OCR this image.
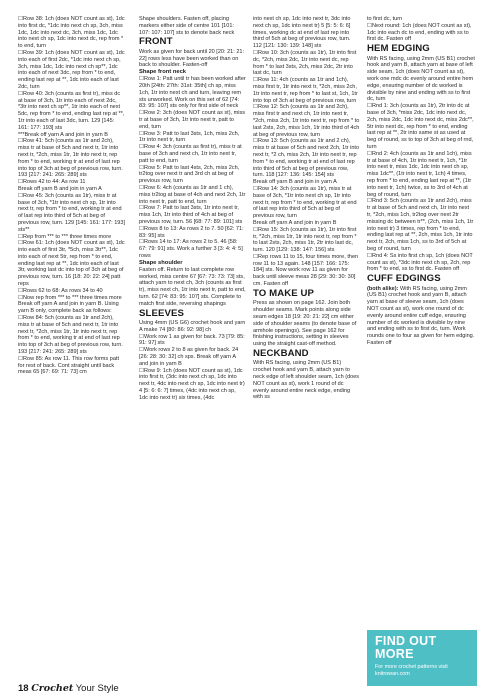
☐ Row 38: 1ch (does NOT count as st), 1dc into first dc, *1dc into next ch sp, 3ch, miss 1dc, 1dc into next dc, 3ch, miss 1dc, 1dc into next ch sp, 1dc into next dc, rep from * to end, turn

☐ Row 39: 1ch (does NOT count as st), 1dc into each of first 2dc, *1dc into next ch sp, 3ch, miss 1dc, 1dc into next ch sp**, 1dc into each of next 3dc, rep from * to end, ending last rep at **, 1dc into each of last 2dc, turn

☐ Row 40: 3ch (counts as first tr), miss dc at base of 3ch, 1tr into each of next 2dc, *3tr into next ch sp**, 1tr into each of next 5dc, rep from * to end, ending last rep at **, 1tr into each of last 3dc, turn. 129 [145: 161: 177: 193] sts

***Break off yarn A and join in yarn B

☐ Row 41: 5ch (counts as 1tr and 2ch), miss tr at base of 5ch and next tr, 1tr into next tr, *2ch, miss 1tr, 1tr into next tr, rep from * to end, working tr at end of last rep into top of 3ch at beg of previous row, turn. 193 [217: 241: 265: 289] sts

☐ Rows 42 to 44: As row 11

Break off yarn B and join in yarn A

☐ Row 45: 3ch (counts as 1tr), miss tr at base of 3ch, *1tr into next ch sp, 1tr into next tr, rep from * to end, working tr at end of last rep into third of 5ch at beg of previous row, turn. 129 [145: 161: 177: 193] sts**

☐ Rep from *** to *** three times more

☐ Row 61: 1ch (does NOT count as st), 1dc into each of first 3tr, *5ch, miss 3tr**, 1dc into each of next 5tr, rep from * to end, ending last rep at **, 1dc into each of last 3tr, working last dc into top of 3ch at beg of previous row, turn. 16 [18: 20: 22: 24] patt reps

☐ Rows 62 to 68: As rows 34 to 40

☐ Now rep from *** to *** three times more

Break off yarn A and join in yarn B. Using yarn B only, complete back as follows:

☐ Row 84: 5ch (counts as 1tr and 2ch), miss tr at base of 5ch and next tr, 1tr into next tr, *2ch, miss 1tr, 1tr into next tr, rep from * to end, working tr at end of last rep into top of 3ch at beg of previous row, turn. 193 [217: 241: 265: 289] sts

☐ Row 85: As row 11. This row forms patt for rest of back. Cont straight until back meas 65 [67: 69: 71: 73] cm

Shape shoulders. Fasten off, placing markers either side of centre 101 [101: 107: 107: 107] sts to denote back neck

FRONT

Work as given for back until 20 [20: 21: 21: 22] rows less have been worked than on back to shoulder. Fasten-off

Shape front neck

☐ Row 1: Patt until tr has been worked after 20th [24th: 27th: 31st: 35th] ch sp, miss 1ch, 1tr into next ch and turn, leaving rem sts unworked. Work on this set of 62 [74: 83: 95: 107] sts only for first side of neck

☐ Row 2: 3ch (does NOT count as st), miss tr at base of 3ch, 1tr into next tr, patt to end, turn

☐ Row 3: Patt to last 3sts, 1ch, miss 2ch, 1tr into next tr, turn

☐ Row 4: 3ch (counts as first tr), miss tr at base of 3ch and next ch, 1tr into next tr, patt to end, turn

☐ Row 5: Patt to last 4sts, 2ch, miss 2ch, tr2tog over next tr and 3rd ch at beg of previous row, turn

☐ Row 6: 4ch (counts as 1tr and 1 ch), miss tr2tog at base of 4ch and next 2ch, 1tr into next tr, patt to end, turn

☐ Row 7: Patt to last 3sts, 1tr into next tr, miss 1ch, 1tr into third of 4ch at beg of previous row, turn. 56 [68: 77: 89: 101] sts

☐ Rows 8 to 13: As rows 2 to 7. 50 [62: 71: 83: 95] sts

☐ Rows 14 to 17: As rows 2 to 5. 46 [58: 67: 79: 91] sts. Work a further 3 [3: 4: 4: 5] rows

Shape shoulder

Fasten off. Return to last complete row worked, miss centre 67 [67: 73: 73: 73] sts, attach yarn to next ch, 3ch (counts as first tr), miss next ch, 1tr into next tr, patt to end, turn. 62 [74: 83: 95: 107] sts. Complete to match first side, reversing shapings

SLEEVES

Using 4mm (US G6) crochet hook and yarn A make 74 [80: 86: 92: 98] ch

☐ Work row 1 as given for back. 73 [79: 85: 91: 97] sts

☐ Work rows 2 to 8 as given for back. 24 [26: 28: 30: 32] ch sps. Break off yarn A and join in yarn B

☐ Row 9: 1ch (does NOT count as st), 1dc into first tr, (3dc into next ch sp, 1dc into next tr, 4dc into next ch sp, 1dc into next tr) 4 [5: 6: 6: 7] times, (4dc into next ch sp, 1dc into next tr) six times, (4dc

into next ch sp, 1dc into next tr, 3dc into next ch sp, 1dc into next tr) 5 [5: 5: 6: 6] times, working dc at end of last rep into third of 5ch at beg of previous row, turn. 112 [121: 130: 139: 148] sts

☐ Row 10: 3ch (counts as 1tr), 1tr into first dc, *2ch, miss 2dc, 1tr into next dc, rep from * to last 3sts, 2ch, miss 2dc, 2tr into last dc, turn

☐ Row 11: 4ch (counts as 1tr and 1ch), miss first tr, 1tr into next tr, *2ch, miss 2ch, 1tr into next tr, rep from * to last st, 1ch, 1tr into top of 3ch at beg of previous row, turn

☐ Row 12: 5ch (counts as 1tr and 2ch), miss first tr and next ch, 1tr into next tr, *2ch, miss 2ch, 1tr into next tr, rep from * to last 2sts, 2ch, miss 1ch, 1tr into third of 4ch at beg of previous row, turn

☐ Row 13: 5ch (counts as 1tr and 2 ch), miss tr at base of 5ch and next 2ch, 1tr into next tr, *2 ch, miss 2ch, 1tr into next tr, rep from * to end, working tr at end of last rep into third of 5ch at beg of previous row, turn. 118 [127: 136: 145: 154] sts

Break off yarn B and join in yarn A

☐ Row 14: 3ch (counts as 1tr), miss tr at base of 3ch, *1tr into next ch sp, 1tr into next tr, rep from * to end, working tr at end of last rep into third of 5ch at beg of previous row, turn

Break off yarn A and join in yarn B

☐ Row 15: 3ch (counts as 1tr), 1tr into first tr, *2ch, miss 1tr, 1tr into next tr, rep from * to last 2sts, 2ch, miss 1tr, 2tr into last dc, turn. 120 [129: 138: 147: 156] sts

☐ Rep rows 11 to 15, four times more, then row 11 to 13 again. 148 [157: 166: 175: 184] sts. Now work row 11 as given for back until sleeve meas 28 [29: 30: 30: 30] cm. Fasten off

TO MAKE UP

Press as shown on page 162. Join both shoulder seams. Mark points along side seam edges 18 [19: 20: 21: 22] cm either side of shoulder seams (to denote base of armhole openings). See page 162 for finishing instructions, setting in sleeves using the straight cast-off method.

NECKBAND

With RS facing, using 2mm (US B1) crochet hook and yarn B, attach yarn to neck edge of left shoulder seam, 1ch (does NOT count as st), work 1 round of dc evenly around entire neck edge, ending with ss

to first dc, turn

☐ Next round: 1ch (does NOT count as st), 1dc into each dc to end, ending with ss to first dc. Fasten off

HEM EDGING

With RS facing, using 2mm (US B1) crochet hook and yarn B, attach yarn at base of left side seam, 1ch (does NOT count as st), work one mdc dc evenly around entire hem edge, ensuring number of dc worked is divisible by nine and ending with ss to first dc, turn

☐ Rnd 1: 3ch (counts as 1tr), 2tr into dc at base of 3ch, *miss 2dc, 1dc into next dc, 2ch, miss 2dc, 1dc into next dc, miss 2dc**, 5tr into next dc, rep from * to end, ending last rep at **, 2tr into same st as used at beg of round, ss to top of 3ch at beg of rnd, turn

☐ Rnd 2: 4ch (counts as 1tr and 1ch), miss tr at base of 4ch, 1tr into next tr, 1ch, *1tr into next tr, miss 1dc, 1dc into next ch sp, miss 1dc**, (1tr into next tr, 1ch) 4 times, rep from * to end, ending last rep at **, (1tr into next tr, 1ch) twice, ss to 3rd of 4ch at beg of round, turn

☐ Rnd 3: 5ch (counts as 1tr and 2ch), miss tr at base of 5ch and next ch, 1tr into next tr, *2ch, miss 1ch, tr2tog over next 2tr missing dc between tr**, (2ch, miss 1ch, 1tr into next tr) 3 times, rep from * to end, ending last rep at **, 2ch, miss 1ch, 1tr into next tr, 2ch, miss 1ch, ss to 3rd of 5ch at beg of round, turn

☐ Rnd 4: Ss into first ch sp, 1ch (does NOT count as st), *3dc into next ch sp, 2ch, rep from * to end, ss to first dc. Fasten off

CUFF EDGINGS

(both alike): With RS facing, using 2mm (US B1) crochet hook and yarn B, attach yarn at base of sleeve seam, 1ch (does NOT count as st), work one round of dc evenly around entire cuff edge, ensuring number of dc worked is divisible by nine and ending with ss to first dc, turn. Work rounds one to four as given for hem edging. Fasten off

FIND OUT
MORE
For more crochet patterns visit knitrowan.com
18 Crochet Your Style
